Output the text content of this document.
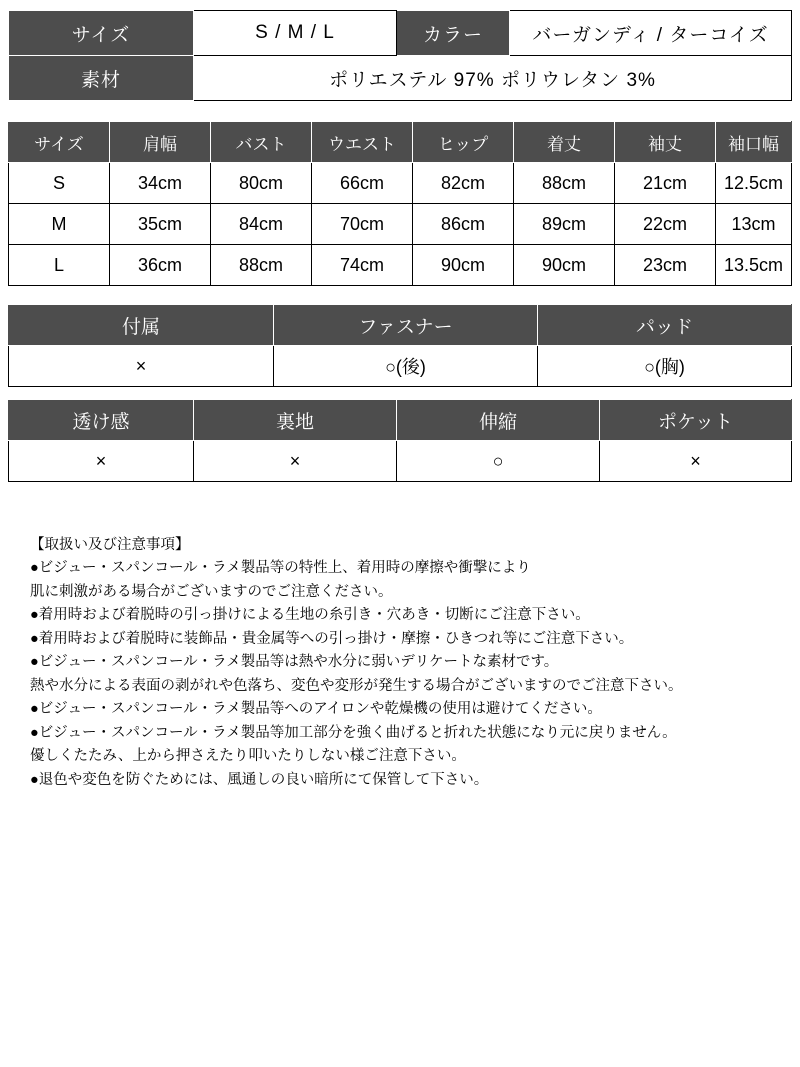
サイズ	S / M / L	カラー	バーガンディ / ターコイズ
素材	ポリエステル 97% ポリウレタン 3%		
サイズ	肩幅	バスト	ウエスト	ヒップ	着丈	袖丈	袖口幅
S	34cm	80cm	66cm	82cm	88cm	21cm	12.5cm
M	35cm	84cm	70cm	86cm	89cm	22cm	13cm
L	36cm	88cm	74cm	90cm	90cm	23cm	13.5cm
付属	ファスナー	パッド
×	○(後)	○(胸)
透け感	裏地	伸縮	ポケット
×	×	○	×
【取扱い及び注意事項】
●ビジュー・スパンコール・ラメ製品等の特性上、着用時の摩擦や衝撃により
肌に刺激がある場合がございますのでご注意ください。
●着用時および着脱時の引っ掛けによる生地の糸引き・穴あき・切断にご注意下さい。
●着用時および着脱時に装飾品・貴金属等への引っ掛け・摩擦・ひきつれ等にご注意下さい。
●ビジュー・スパンコール・ラメ製品等は熱や水分に弱いデリケートな素材です。
熱や水分による表面の剥がれや色落ち、変色や変形が発生する場合がございますのでご注意下さい。
●ビジュー・スパンコール・ラメ製品等へのアイロンや乾燥機の使用は避けてください。
●ビジュー・スパンコール・ラメ製品等加工部分を強く曲げると折れた状態になり元に戻りません。
優しくたたみ、上から押さえたり叩いたりしない様ご注意下さい。
●退色や変色を防ぐためには、風通しの良い暗所にて保管して下さい。
